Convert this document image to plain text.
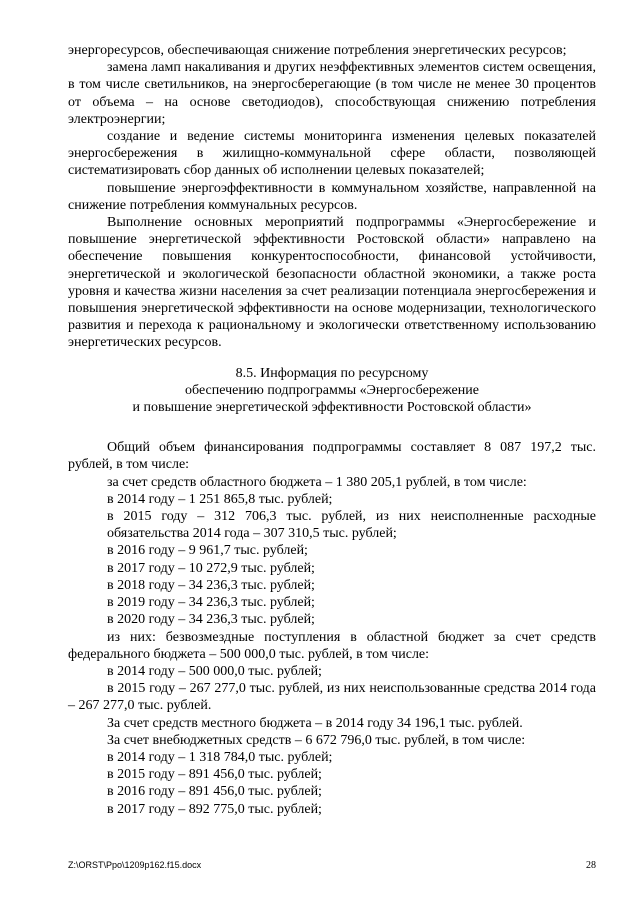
энергоресурсов, обеспечивающая снижение потребления энергетических ресурсов;

замена ламп накаливания и других неэффективных элементов систем освещения, в том числе светильников, на энергосберегающие (в том числе не менее 30 процентов от объема – на основе светодиодов), способствующая снижению потребления электроэнергии;

создание и ведение системы мониторинга изменения целевых показателей энергосбережения в жилищно-коммунальной сфере области, позволяющей систематизировать сбор данных об исполнении целевых показателей;

повышение энергоэффективности в коммунальном хозяйстве, направленной на снижение потребления коммунальных ресурсов.

Выполнение основных мероприятий подпрограммы «Энергосбережение и повышение энергетической эффективности Ростовской области» направлено на обеспечение повышения конкурентоспособности, финансовой устойчивости, энергетической и экологической безопасности областной экономики, а также роста уровня и качества жизни населения за счет реализации потенциала энергосбережения и повышения энергетической эффективности на основе модернизации, технологического развития и перехода к рациональному и экологически ответственному использованию энергетических ресурсов.

8.5. Информация по ресурсному
обеспечению подпрограммы «Энергосбережение
и повышение энергетической эффективности Ростовской области»

Общий объем финансирования подпрограммы составляет 8 087 197,2 тыс. рублей, в том числе:

за счет средств областного бюджета – 1 380 205,1 рублей, в том числе:

в 2014 году – 1 251 865,8 тыс. рублей;

в 2015 году – 312 706,3 тыс. рублей, из них неисполненные расходные обязательства 2014 года – 307 310,5 тыс. рублей;

в 2016 году – 9 961,7 тыс. рублей;

в 2017 году – 10 272,9 тыс. рублей;

в 2018 году – 34 236,3 тыс. рублей;

в 2019 году – 34 236,3 тыс. рублей;

в 2020 году – 34 236,3 тыс. рублей;

из них: безвозмездные поступления в областной бюджет за счет средств федерального бюджета – 500 000,0 тыс. рублей, в том числе:

в 2014 году – 500 000,0 тыс. рублей;

в 2015 году – 267 277,0 тыс. рублей, из них неиспользованные средства 2014 года – 267 277,0 тыс. рублей.

За счет средств местного бюджета – в 2014 году 34 196,1 тыс. рублей.

За счет внебюджетных средств – 6 672 796,0 тыс. рублей, в том числе:

в 2014 году – 1 318 784,0 тыс. рублей;

в 2015 году – 891 456,0 тыс. рублей;

в 2016 году – 891 456,0 тыс. рублей;

в 2017 году – 892 775,0 тыс. рублей;

Z:\ORST\Ppo\1209p162.f15.docx	28
